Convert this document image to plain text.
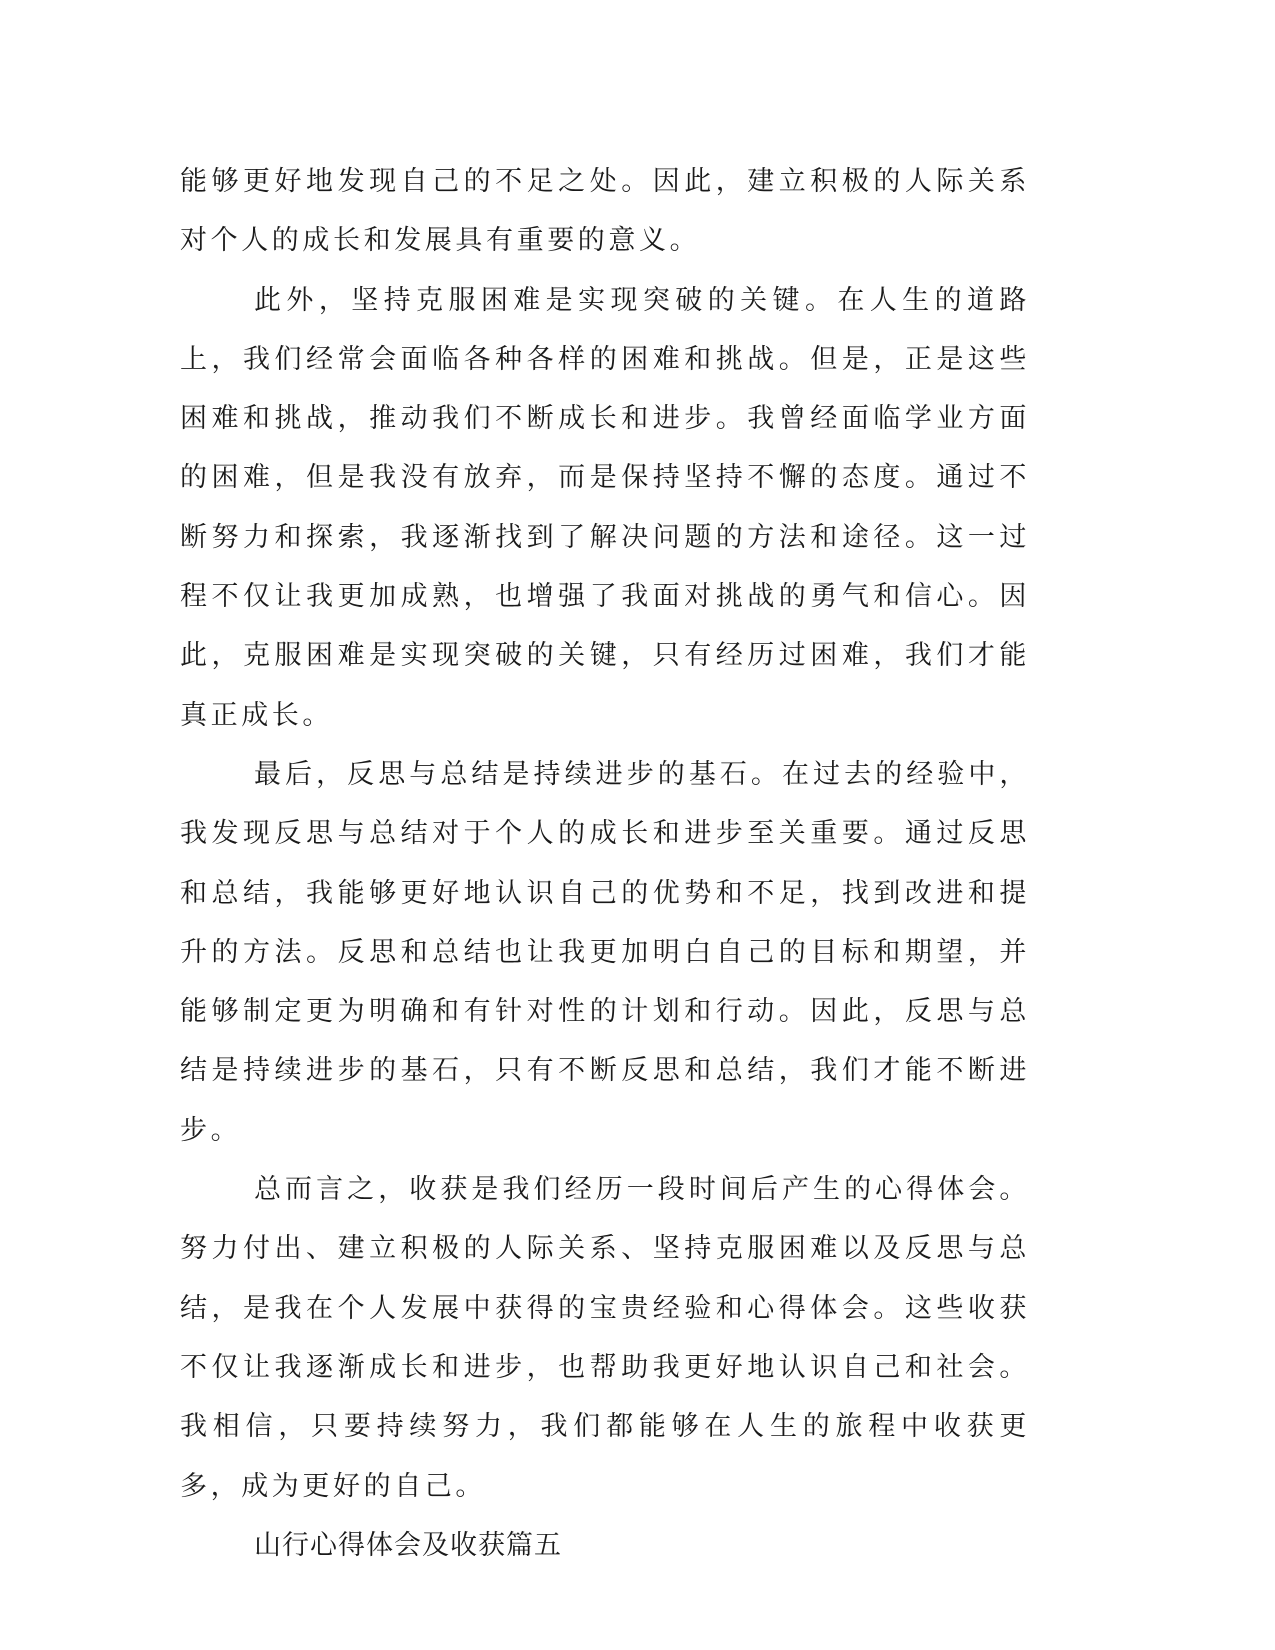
能够更好地发现自己的不足之处。因此，建立积极的人际关系对个人的成长和发展具有重要的意义。

此外，坚持克服困难是实现突破的关键。在人生的道路上，我们经常会面临各种各样的困难和挑战。但是，正是这些困难和挑战，推动我们不断成长和进步。我曾经面临学业方面的困难，但是我没有放弃，而是保持坚持不懈的态度。通过不断努力和探索，我逐渐找到了解决问题的方法和途径。这一过程不仅让我更加成熟，也增强了我面对挑战的勇气和信心。因此，克服困难是实现突破的关键，只有经历过困难，我们才能真正成长。

最后，反思与总结是持续进步的基石。在过去的经验中，我发现反思与总结对于个人的成长和进步至关重要。通过反思和总结，我能够更好地认识自己的优势和不足，找到改进和提升的方法。反思和总结也让我更加明白自己的目标和期望，并能够制定更为明确和有针对性的计划和行动。因此，反思与总结是持续进步的基石，只有不断反思和总结，我们才能不断进步。

总而言之，收获是我们经历一段时间后产生的心得体会。努力付出、建立积极的人际关系、坚持克服困难以及反思与总结，是我在个人发展中获得的宝贵经验和心得体会。这些收获不仅让我逐渐成长和进步，也帮助我更好地认识自己和社会。我相信，只要持续努力，我们都能够在人生的旅程中收获更多，成为更好的自己。

山行心得体会及收获篇五
